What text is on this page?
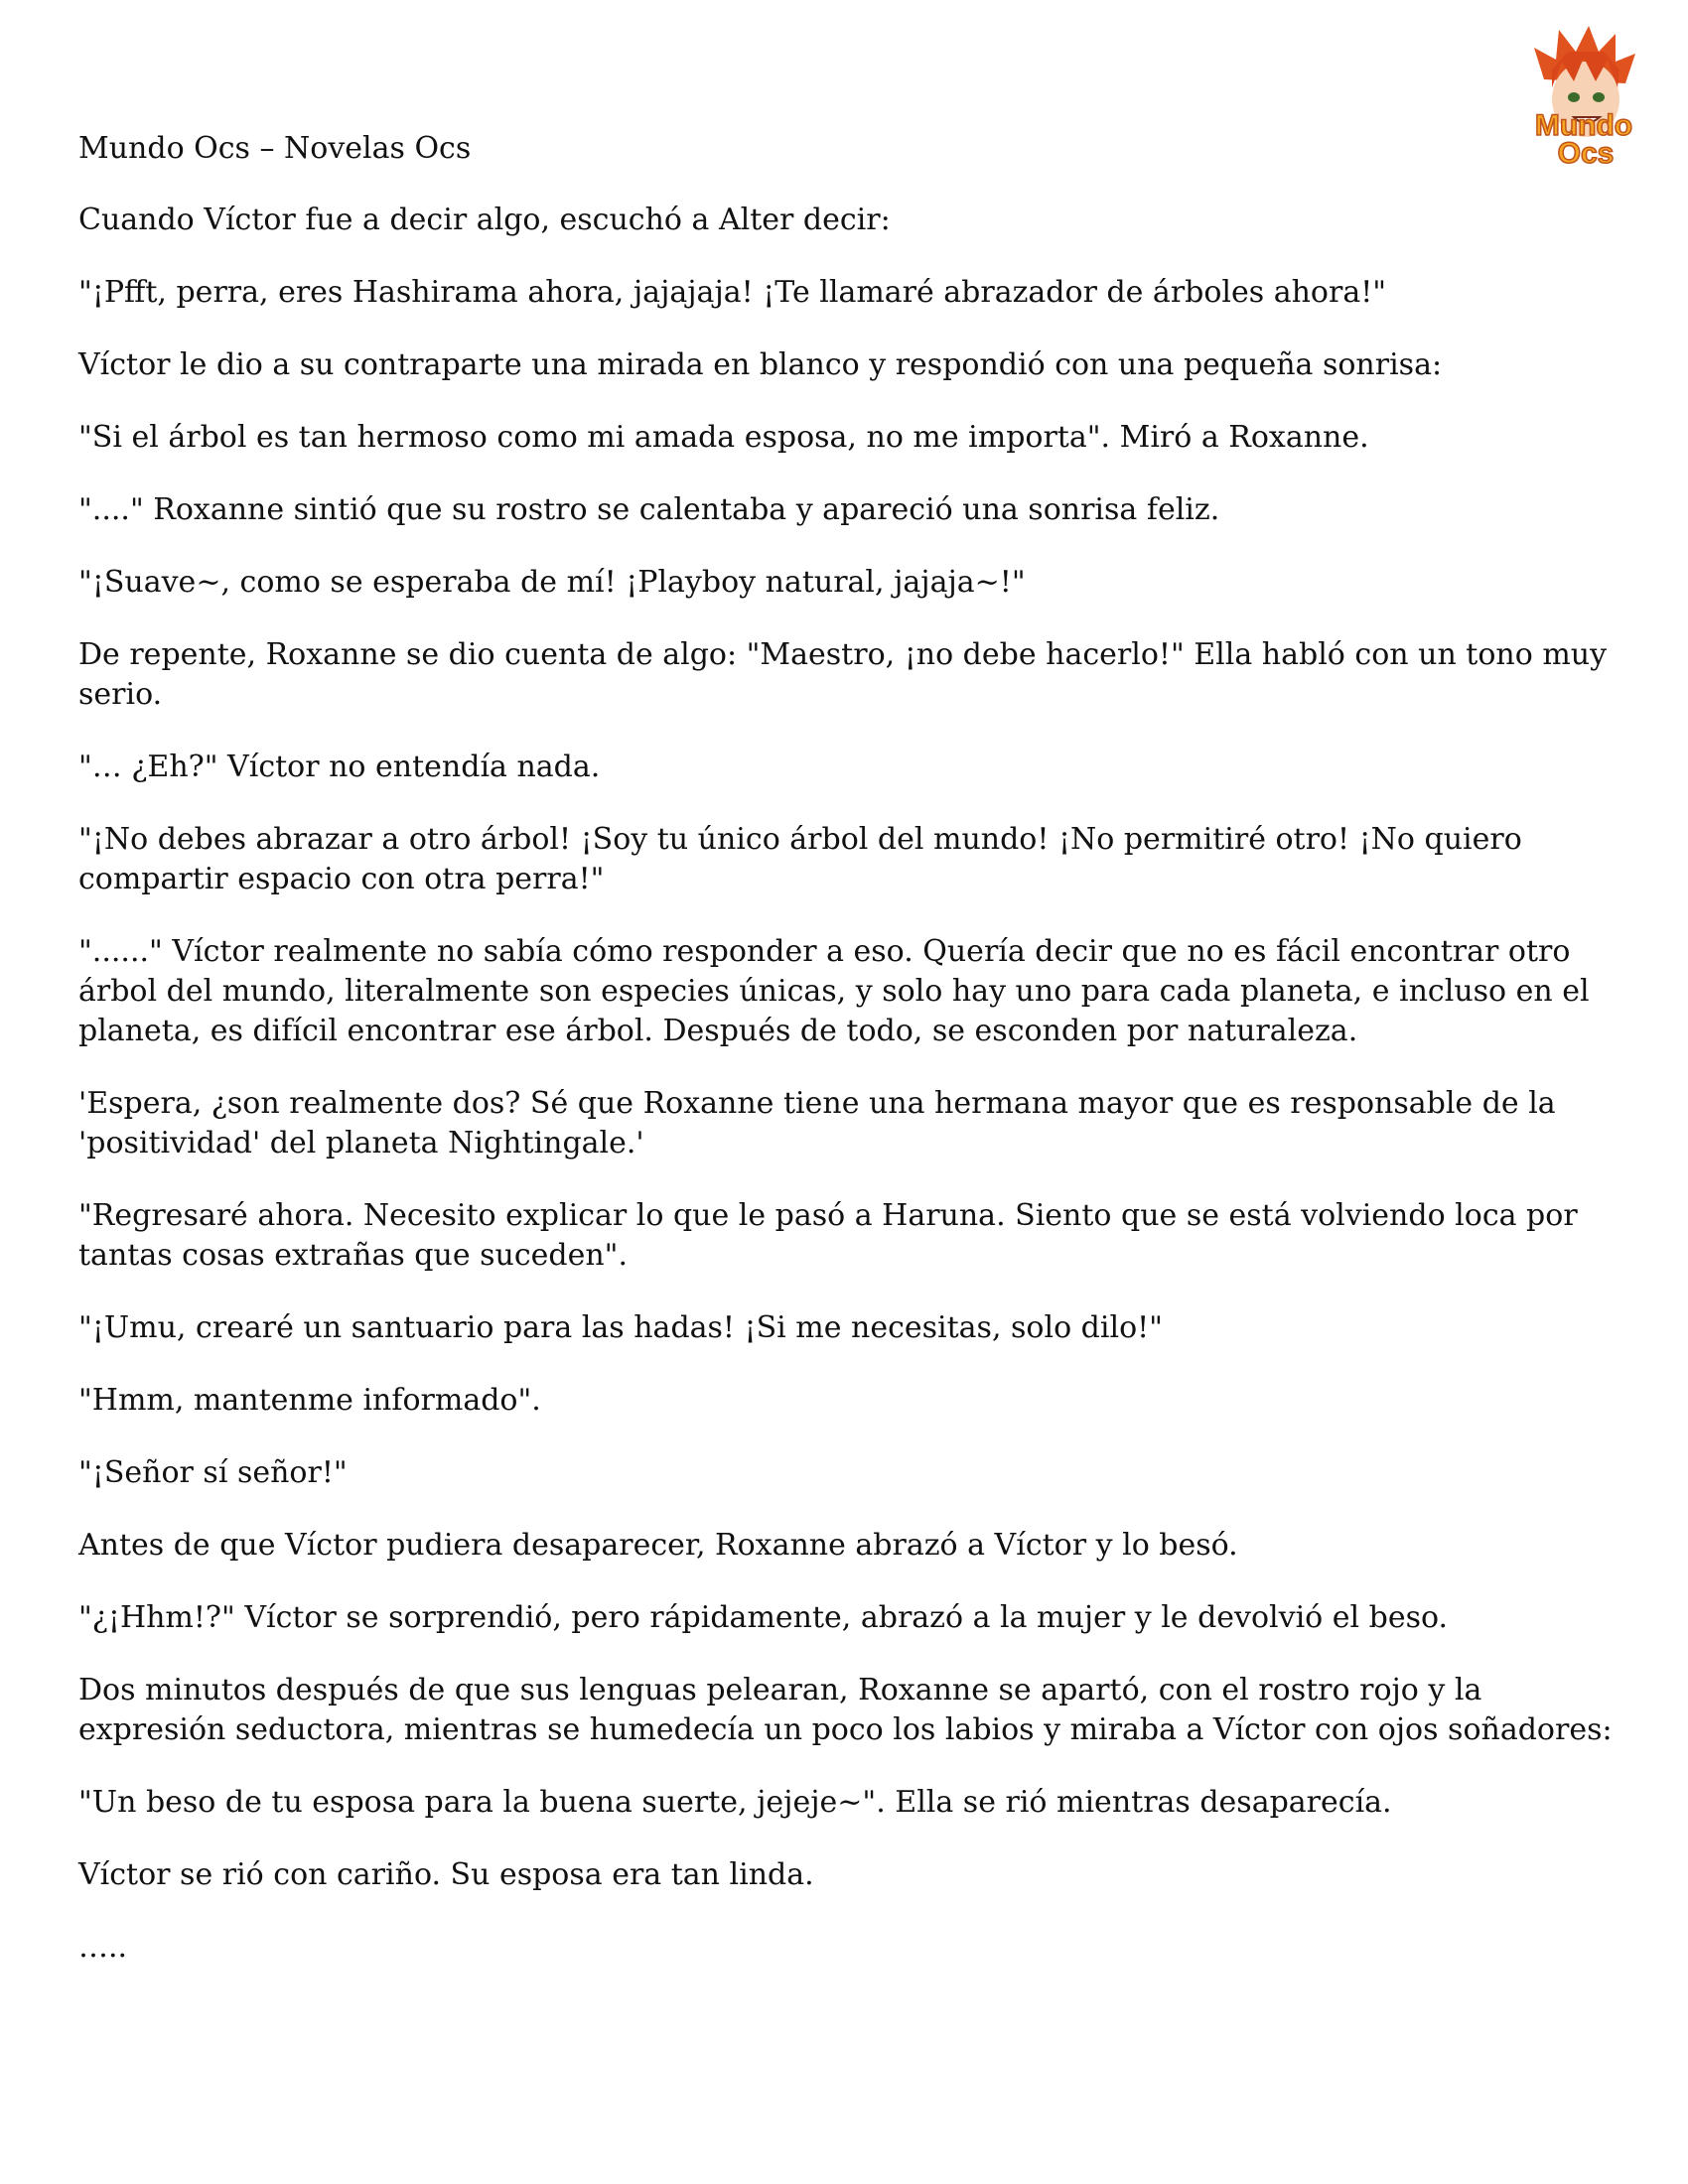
Mundo Ocs – Novelas Ocs
Mundo
Ocs

Cuando Víctor fue a decir algo, escuchó a Alter decir:

"¡Pfft, perra, eres Hashirama ahora, jajajaja! ¡Te llamaré abrazador de árboles ahora!"

Víctor le dio a su contraparte una mirada en blanco y respondió con una pequeña sonrisa:

"Si el árbol es tan hermoso como mi amada esposa, no me importa". Miró a Roxanne.

"...." Roxanne sintió que su rostro se calentaba y apareció una sonrisa feliz.

"¡Suave~, como se esperaba de mí! ¡Playboy natural, jajaja~!"

De repente, Roxanne se dio cuenta de algo: "Maestro, ¡no debe hacerlo!" Ella habló con un tono muy serio.

"… ¿Eh?" Víctor no entendía nada.

"¡No debes abrazar a otro árbol! ¡Soy tu único árbol del mundo! ¡No permitiré otro! ¡No quiero compartir espacio con otra perra!"

"......" Víctor realmente no sabía cómo responder a eso. Quería decir que no es fácil encontrar otro árbol del mundo, literalmente son especies únicas, y solo hay uno para cada planeta, e incluso en el planeta, es difícil encontrar ese árbol. Después de todo, se esconden por naturaleza.

'Espera, ¿son realmente dos? Sé que Roxanne tiene una hermana mayor que es responsable de la 'positividad' del planeta Nightingale.'

"Regresaré ahora. Necesito explicar lo que le pasó a Haruna. Siento que se está volviendo loca por tantas cosas extrañas que suceden".

"¡Umu, crearé un santuario para las hadas! ¡Si me necesitas, solo dilo!"

"Hmm, mantenme informado".

"¡Señor sí señor!"

Antes de que Víctor pudiera desaparecer, Roxanne abrazó a Víctor y lo besó.

"¿¡Hhm!?" Víctor se sorprendió, pero rápidamente, abrazó a la mujer y le devolvió el beso.

Dos minutos después de que sus lenguas pelearan, Roxanne se apartó, con el rostro rojo y la expresión seductora, mientras se humedecía un poco los labios y miraba a Víctor con ojos soñadores:

"Un beso de tu esposa para la buena suerte, jejeje~". Ella se rió mientras desaparecía.

Víctor se rió con cariño. Su esposa era tan linda.

…..
